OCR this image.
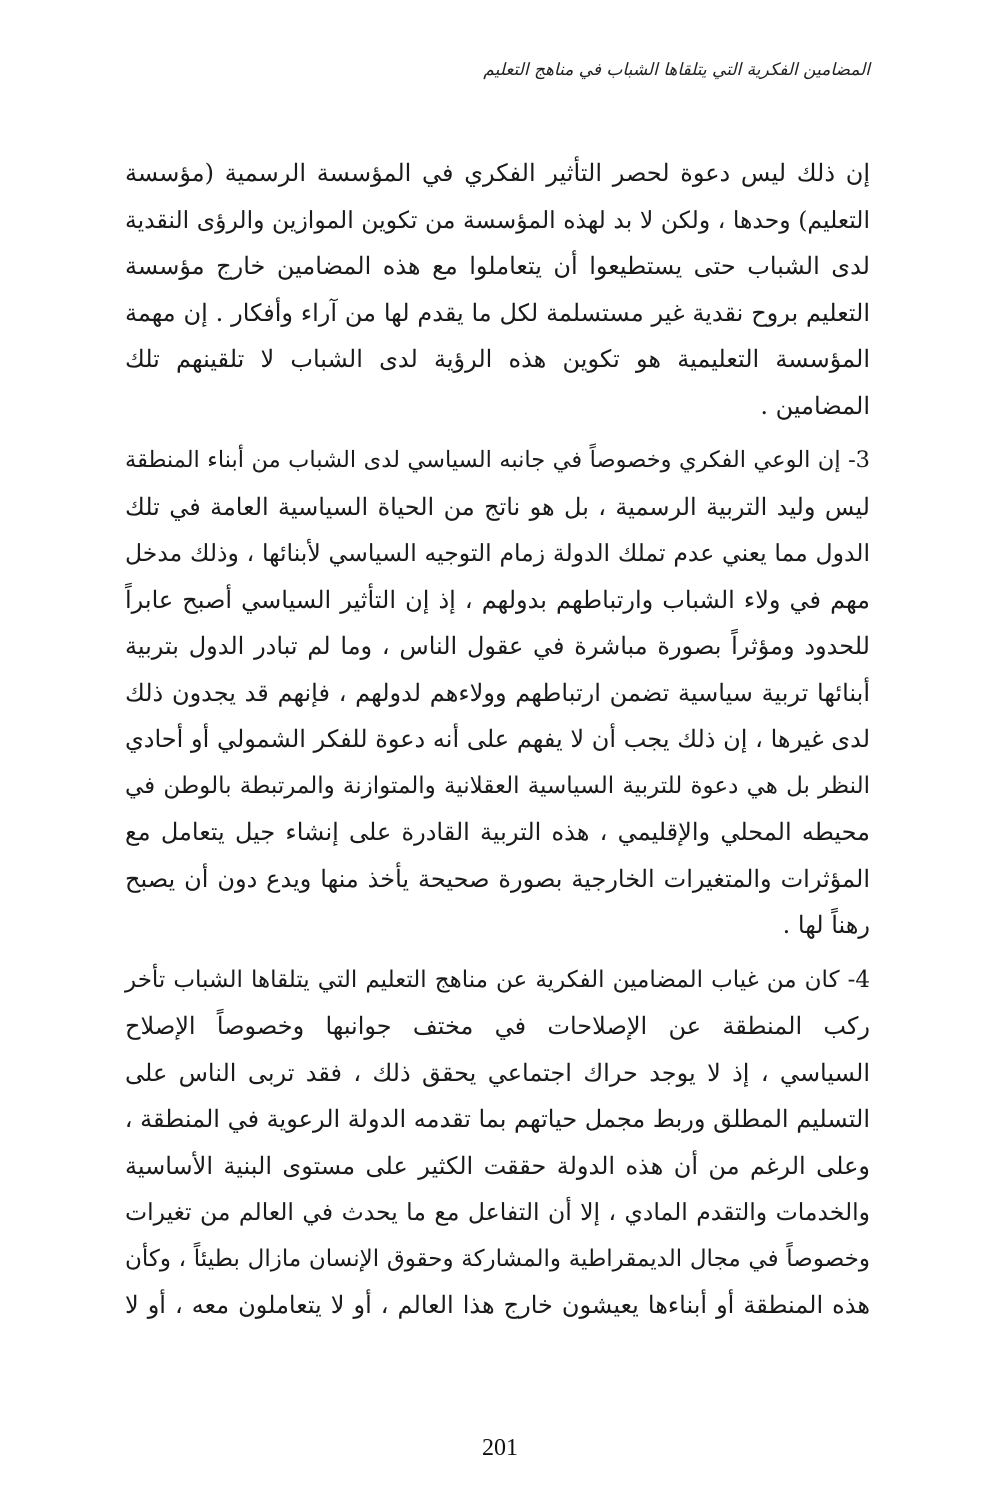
المضامين الفكرية التي يتلقاها الشباب في مناهج التعليم
إن ذلك ليس دعوة لحصر التأثير الفكري في المؤسسة الرسمية (مؤسسة
التعليم) وحدها ، ولكن لا بد لهذه المؤسسة من تكوين الموازين والرؤى النقدية
لدى الشباب حتى يستطيعوا أن يتعاملوا مع هذه المضامين خارج مؤسسة
التعليم بروح نقدية غير مستسلمة لكل ما يقدم لها من آراء وأفكار . إن مهمة
المؤسسة التعليمية هو تكوين هذه الرؤية لدى الشباب لا تلقينهم تلك
المضامين .
3- إن الوعي الفكري وخصوصاً في جانبه السياسي لدى الشباب من أبناء المنطقة
ليس وليد التربية الرسمية ، بل هو ناتج من الحياة السياسية العامة في تلك
الدول مما يعني عدم تملك الدولة زمام التوجيه السياسي لأبنائها ، وذلك مدخل
مهم في ولاء الشباب وارتباطهم بدولهم ، إذ إن التأثير السياسي أصبح عابراً
للحدود ومؤثراً بصورة مباشرة في عقول الناس ، وما لم تبادر الدول بتربية
أبنائها تربية سياسية تضمن ارتباطهم وولاءهم لدولهم ، فإنهم قد يجدون ذلك
لدى غيرها ، إن ذلك يجب أن لا يفهم على أنه دعوة للفكر الشمولي أو أحادي
النظر بل هي دعوة للتربية السياسية العقلانية والمتوازنة والمرتبطة بالوطن في
محيطه المحلي والإقليمي ، هذه التربية القادرة على إنشاء جيل يتعامل مع
المؤثرات والمتغيرات الخارجية بصورة صحيحة يأخذ منها ويدع دون أن يصبح
رهناً لها .
4- كان من غياب المضامين الفكرية عن مناهج التعليم التي يتلقاها الشباب تأخر
ركب المنطقة عن الإصلاحات في مختف جوانبها وخصوصاً الإصلاح
السياسي ، إذ لا يوجد حراك اجتماعي يحقق ذلك ، فقد تربى الناس على
التسليم المطلق وربط مجمل حياتهم بما تقدمه الدولة الرعوية في المنطقة ،
وعلى الرغم من أن هذه الدولة حققت الكثير على مستوى البنية الأساسية
والخدمات والتقدم المادي ، إلا أن التفاعل مع ما يحدث في العالم من تغيرات
وخصوصاً في مجال الديمقراطية والمشاركة وحقوق الإنسان مازال بطيئاً ، وكأن
هذه المنطقة أو أبناءها يعيشون خارج هذا العالم ، أو لا يتعاملون معه ، أو لا
201
